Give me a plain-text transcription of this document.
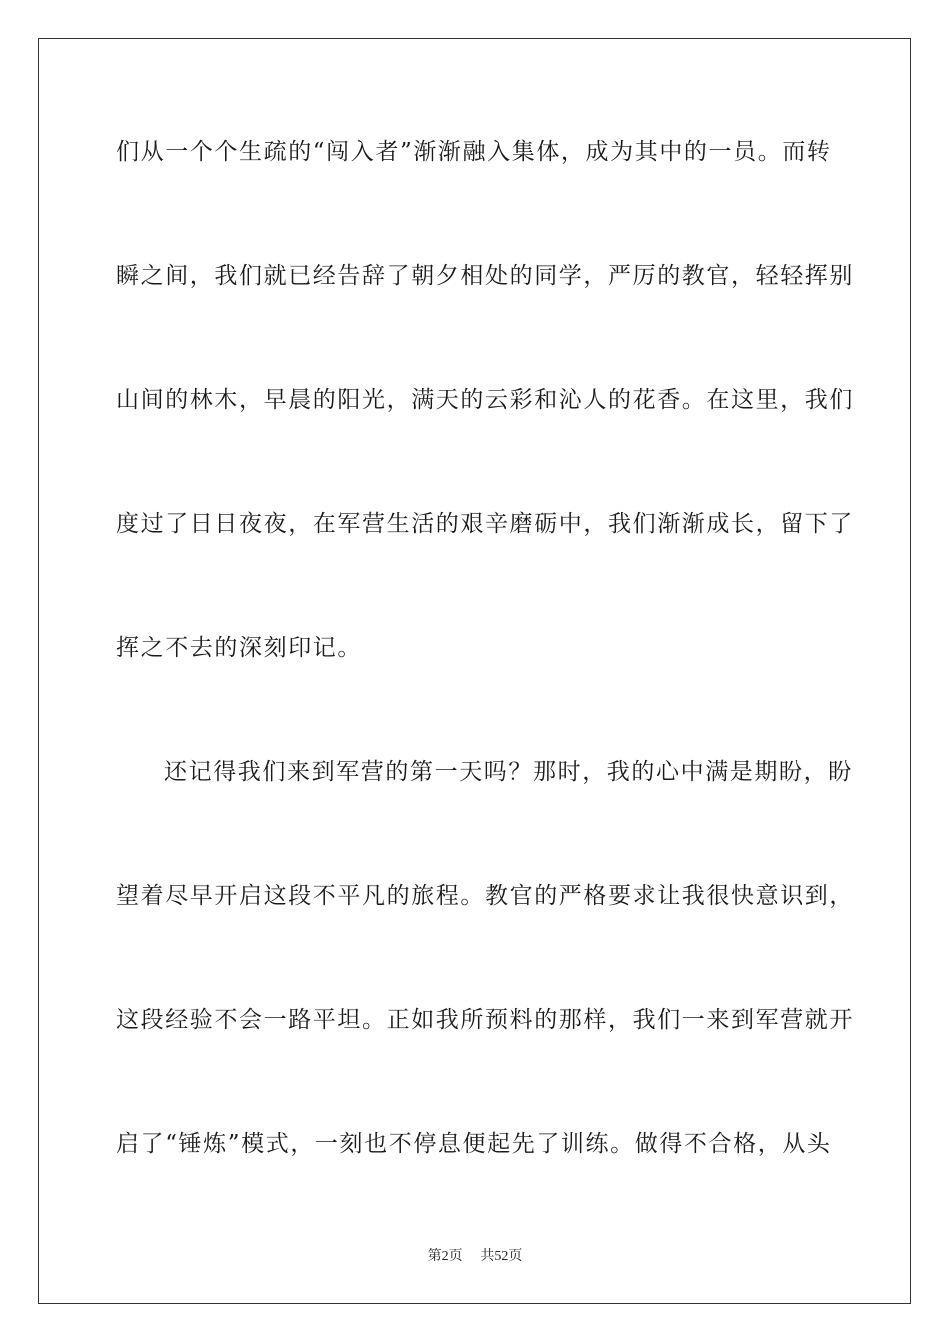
们从一个个生疏的“闯入者”渐渐融入集体，成为其中的一员。而转
瞬之间，我们就已经告辞了朝夕相处的同学，严厉的教官，轻轻挥别
山间的林木，早晨的阳光，满天的云彩和沁人的花香。在这里，我们
度过了日日夜夜，在军营生活的艰辛磨砺中，我们渐渐成长，留下了
挥之不去的深刻印记。
还记得我们来到军营的第一天吗？那时，我的心中满是期盼，盼
望着尽早开启这段不平凡的旅程。教官的严格要求让我很快意识到，
这段经验不会一路平坦。正如我所预料的那样，我们一来到军营就开
启了“锤炼”模式，一刻也不停息便起先了训练。做得不合格，从头
第2页 共52页
